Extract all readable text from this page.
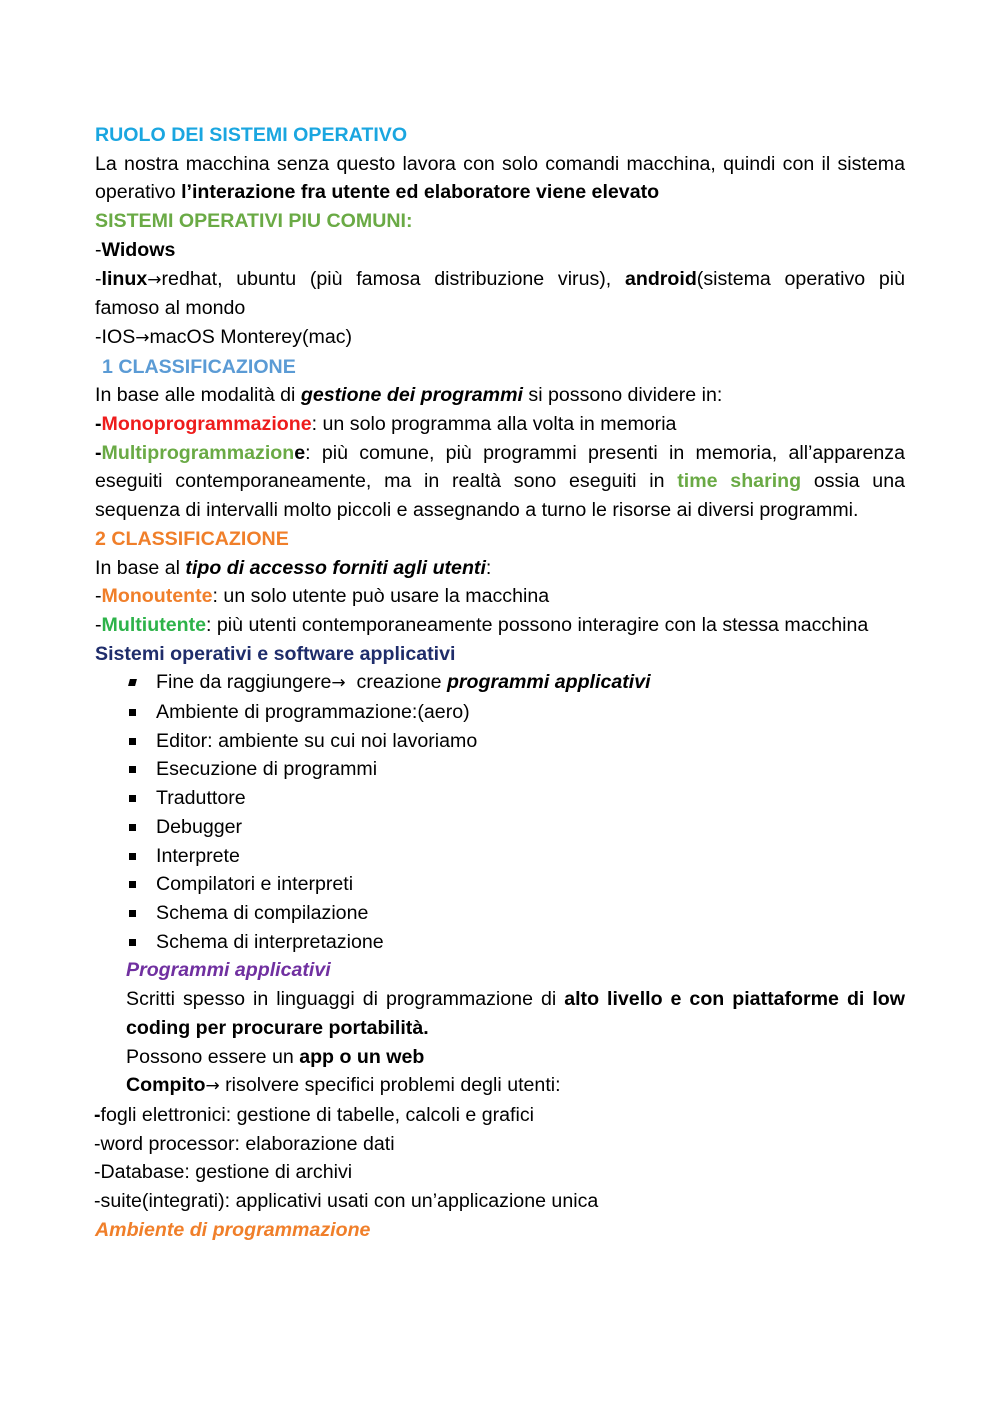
RUOLO DEI SISTEMI OPERATIVO

La nostra macchina senza questo lavora con solo comandi macchina, quindi con il sistema operativo l’interazione fra utente ed elaboratore viene elevato

SISTEMI OPERATIVI PIU COMUNI:

-Widows

-linux→redhat, ubuntu (più famosa distribuzione virus), android(sistema operativo più famoso al mondo

-IOS→macOS Monterey(mac)

1 CLASSIFICAZIONE

In base alle modalità di gestione dei programmi si possono dividere in:

-Monoprogrammazione: un solo programma alla volta in memoria

-Multiprogrammazione: più comune, più programmi presenti in memoria, all’apparenza eseguiti contemporaneamente, ma in realtà sono eseguiti in time sharing ossia una sequenza di intervalli molto piccoli e assegnando a turno le risorse ai diversi programmi.

2 CLASSIFICAZIONE

In base al tipo di accesso forniti agli utenti:

-Monoutente: un solo utente può usare la macchina

-Multiutente: più utenti contemporaneamente possono interagire con la stessa macchina

Sistemi operativi e software applicativi

Fine da raggiungere→  creazione programmi applicativi
Ambiente di programmazione:(aero)
Editor: ambiente su cui noi lavoriamo
Esecuzione di programmi
Traduttore
Debugger
Interprete
Compilatori e interpreti
Schema di compilazione
Schema di interpretazione

Programmi applicativi

Scritti spesso in linguaggi di programmazione di alto livello e con piattaforme di low coding per procurare portabilità.

Possono essere un app o un web

Compito→ risolvere specifici problemi degli utenti:

-fogli elettronici: gestione di tabelle, calcoli e grafici

-word processor: elaborazione dati

-Database: gestione di archivi

-suite(integrati): applicativi usati con un’applicazione unica

Ambiente di programmazione
